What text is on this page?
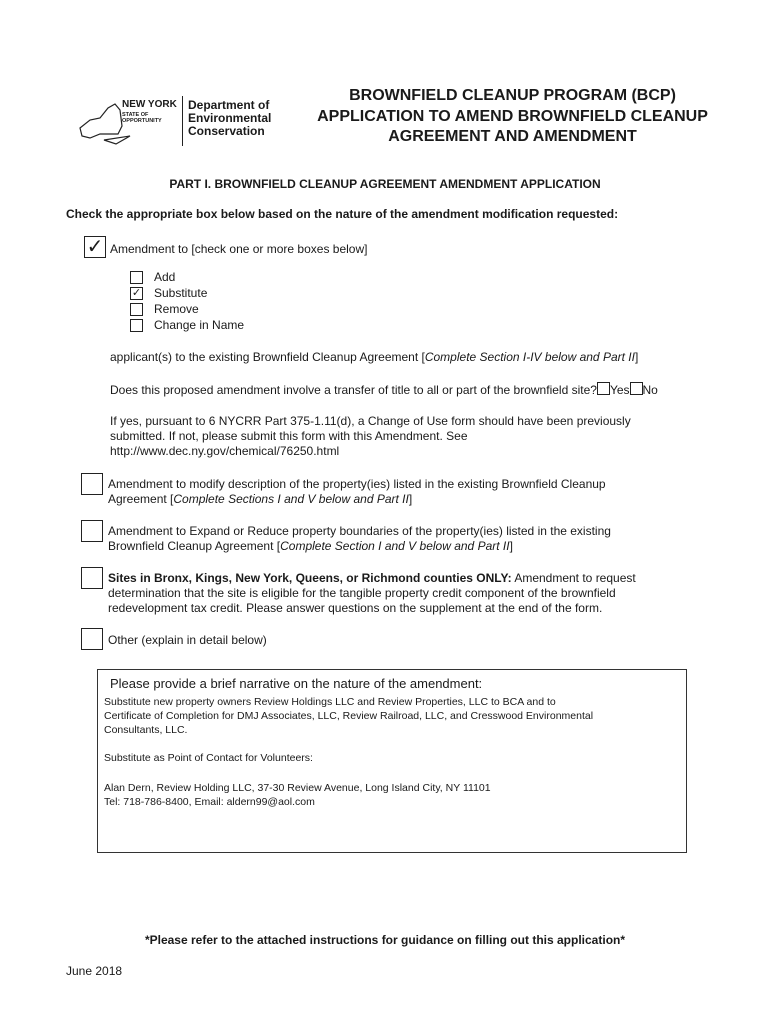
NEW YORK
STATE OF
OPPORTUNITY
Department of
Environmental
Conservation
BROWNFIELD CLEANUP PROGRAM (BCP)
APPLICATION TO AMEND BROWNFIELD CLEANUP
AGREEMENT AND AMENDMENT
PART I. BROWNFIELD CLEANUP AGREEMENT AMENDMENT APPLICATION
Check the appropriate box below based on the nature of the amendment modification requested:
✓ Amendment to [check one or more boxes below]
Add
✓ Substitute
Remove
Change in Name
applicant(s) to the existing Brownfield Cleanup Agreement [Complete Section I-IV below and Part II]
Does this proposed amendment involve a transfer of title to all or part of the brownfield site? Yes No
If yes, pursuant to 6 NYCRR Part 375-1.11(d), a Change of Use form should have been previously
submitted. If not, please submit this form with this Amendment. See
http://www.dec.ny.gov/chemical/76250.html
Amendment to modify description of the property(ies) listed in the existing Brownfield Cleanup
Agreement [Complete Sections I and V below and Part II]
Amendment to Expand or Reduce property boundaries of the property(ies) listed in the existing
Brownfield Cleanup Agreement [Complete Section I and V below and Part II]
Sites in Bronx, Kings, New York, Queens, or Richmond counties ONLY: Amendment to request
determination that the site is eligible for the tangible property credit component of the brownfield
redevelopment tax credit. Please answer questions on the supplement at the end of the form.
Other (explain in detail below)
Please provide a brief narrative on the nature of the amendment:
Substitute new property owners Review Holdings LLC and Review Properties, LLC to BCA and to
Certificate of Completion for DMJ Associates, LLC, Review Railroad, LLC, and Cresswood Environmental
Consultants, LLC.
Substitute as Point of Contact for Volunteers:
Alan Dern, Review Holding LLC, 37-30 Review Avenue, Long Island City, NY 11101
Tel: 718-786-8400, Email: aldern99@aol.com
*Please refer to the attached instructions for guidance on filling out this application*
June 2018
